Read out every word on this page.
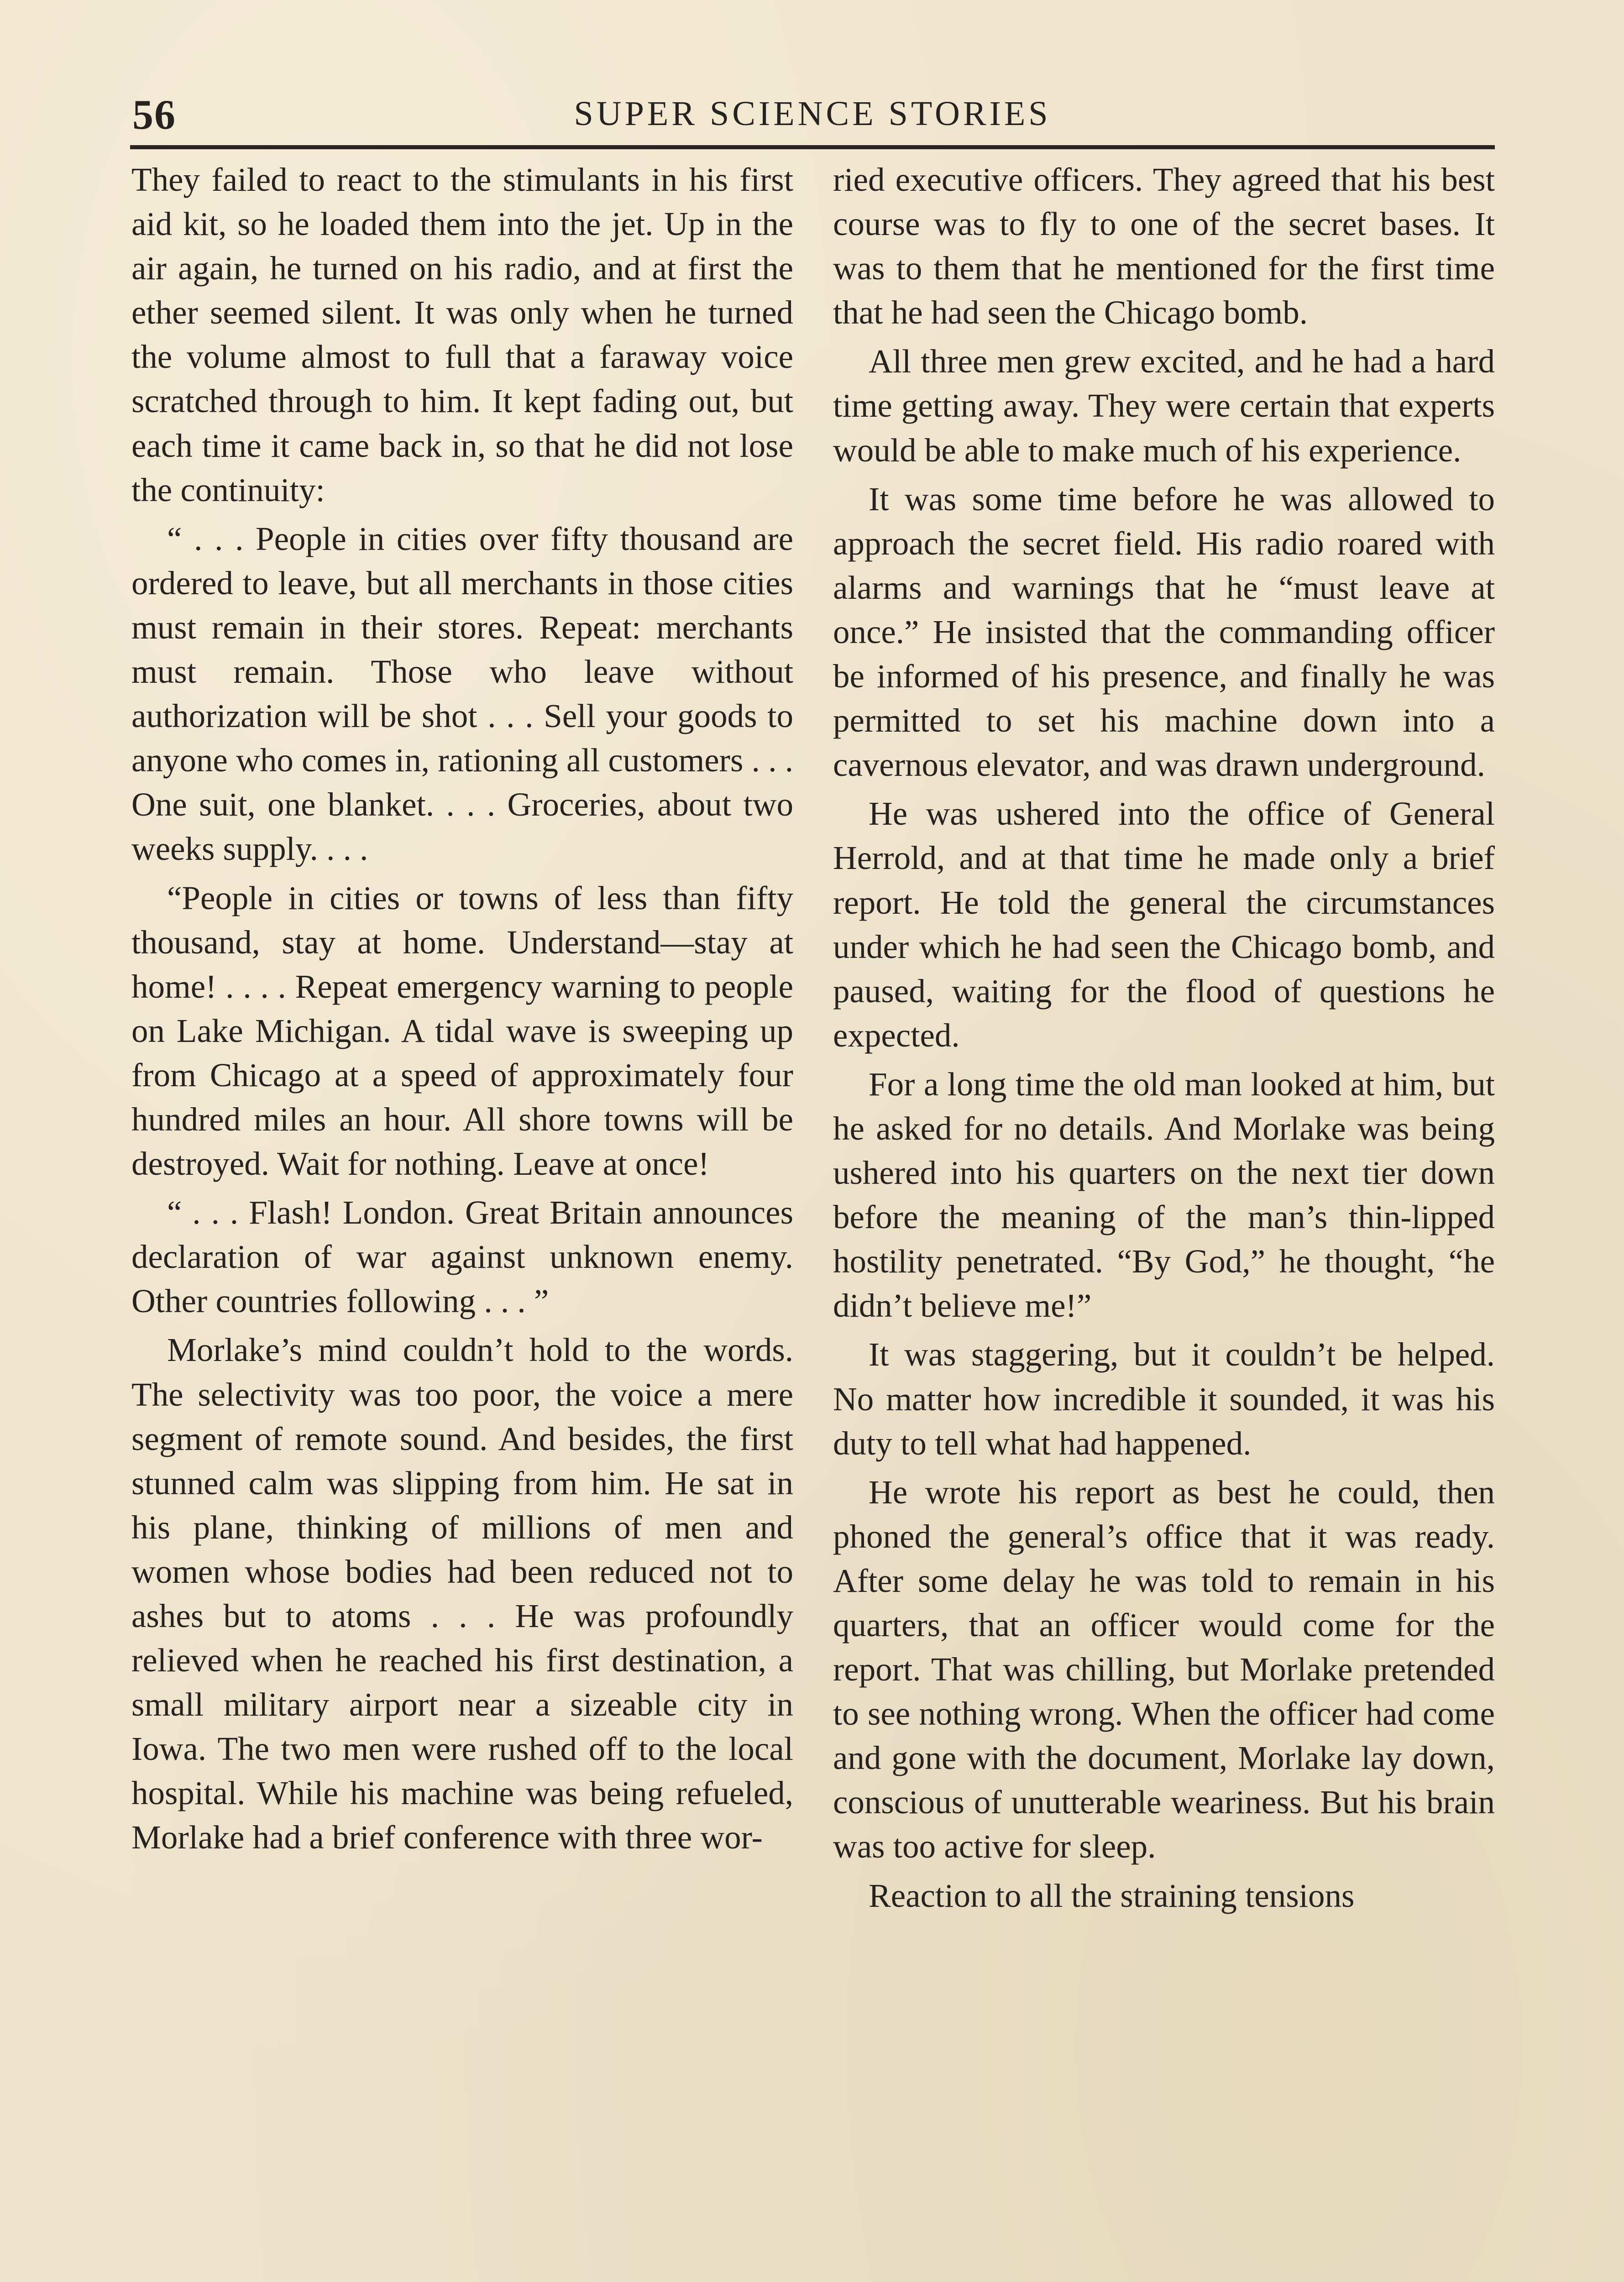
56	SUPER SCIENCE STORIES

They failed to react to the stimulants in his first aid kit, so he loaded them into the jet. Up in the air again, he turned on his radio, and at first the ether seemed silent. It was only when he turned the volume almost to full that a faraway voice scratched through to him. It kept fading out, but each time it came back in, so that he did not lose the continuity:

“ . . . People in cities over fifty thousand are ordered to leave, but all merchants in those cities must remain in their stores. Repeat: merchants must remain. Those who leave without authorization will be shot . . . Sell your goods to anyone who comes in, rationing all customers . . . One suit, one blanket. . . . Groceries, about two weeks supply. . . .

“People in cities or towns of less than fifty thousand, stay at home. Understand—stay at home! . . . . Repeat emergency warning to people on Lake Michigan. A tidal wave is sweeping up from Chicago at a speed of approximately four hundred miles an hour. All shore towns will be destroyed. Wait for nothing. Leave at once!

“ . . . Flash! London. Great Britain announces declaration of war against unknown enemy. Other countries following . . . ”

Morlake’s mind couldn’t hold to the words. The selectivity was too poor, the voice a mere segment of remote sound. And besides, the first stunned calm was slipping from him. He sat in his plane, thinking of millions of men and women whose bodies had been reduced not to ashes but to atoms . . . He was profoundly relieved when he reached his first destination, a small military airport near a sizeable city in Iowa. The two men were rushed off to the local hospital. While his machine was being refueled, Morlake had a brief conference with three wor-

ried executive officers. They agreed that his best course was to fly to one of the secret bases. It was to them that he mentioned for the first time that he had seen the Chicago bomb.

All three men grew excited, and he had a hard time getting away. They were certain that experts would be able to make much of his experience.

It was some time before he was allowed to approach the secret field. His radio roared with alarms and warnings that he “must leave at once.” He insisted that the commanding officer be informed of his presence, and finally he was permitted to set his machine down into a cavernous elevator, and was drawn underground.

He was ushered into the office of General Herrold, and at that time he made only a brief report. He told the general the circumstances under which he had seen the Chicago bomb, and paused, waiting for the flood of questions he expected.

For a long time the old man looked at him, but he asked for no details. And Morlake was being ushered into his quarters on the next tier down before the meaning of the man’s thin-lipped hostility penetrated. “By God,” he thought, “he didn’t believe me!”

It was staggering, but it couldn’t be helped. No matter how incredible it sounded, it was his duty to tell what had happened.

He wrote his report as best he could, then phoned the general’s office that it was ready. After some delay he was told to remain in his quarters, that an officer would come for the report. That was chilling, but Morlake pretended to see nothing wrong. When the officer had come and gone with the document, Morlake lay down, conscious of unutterable weariness. But his brain was too active for sleep.

Reaction to all the straining tensions
